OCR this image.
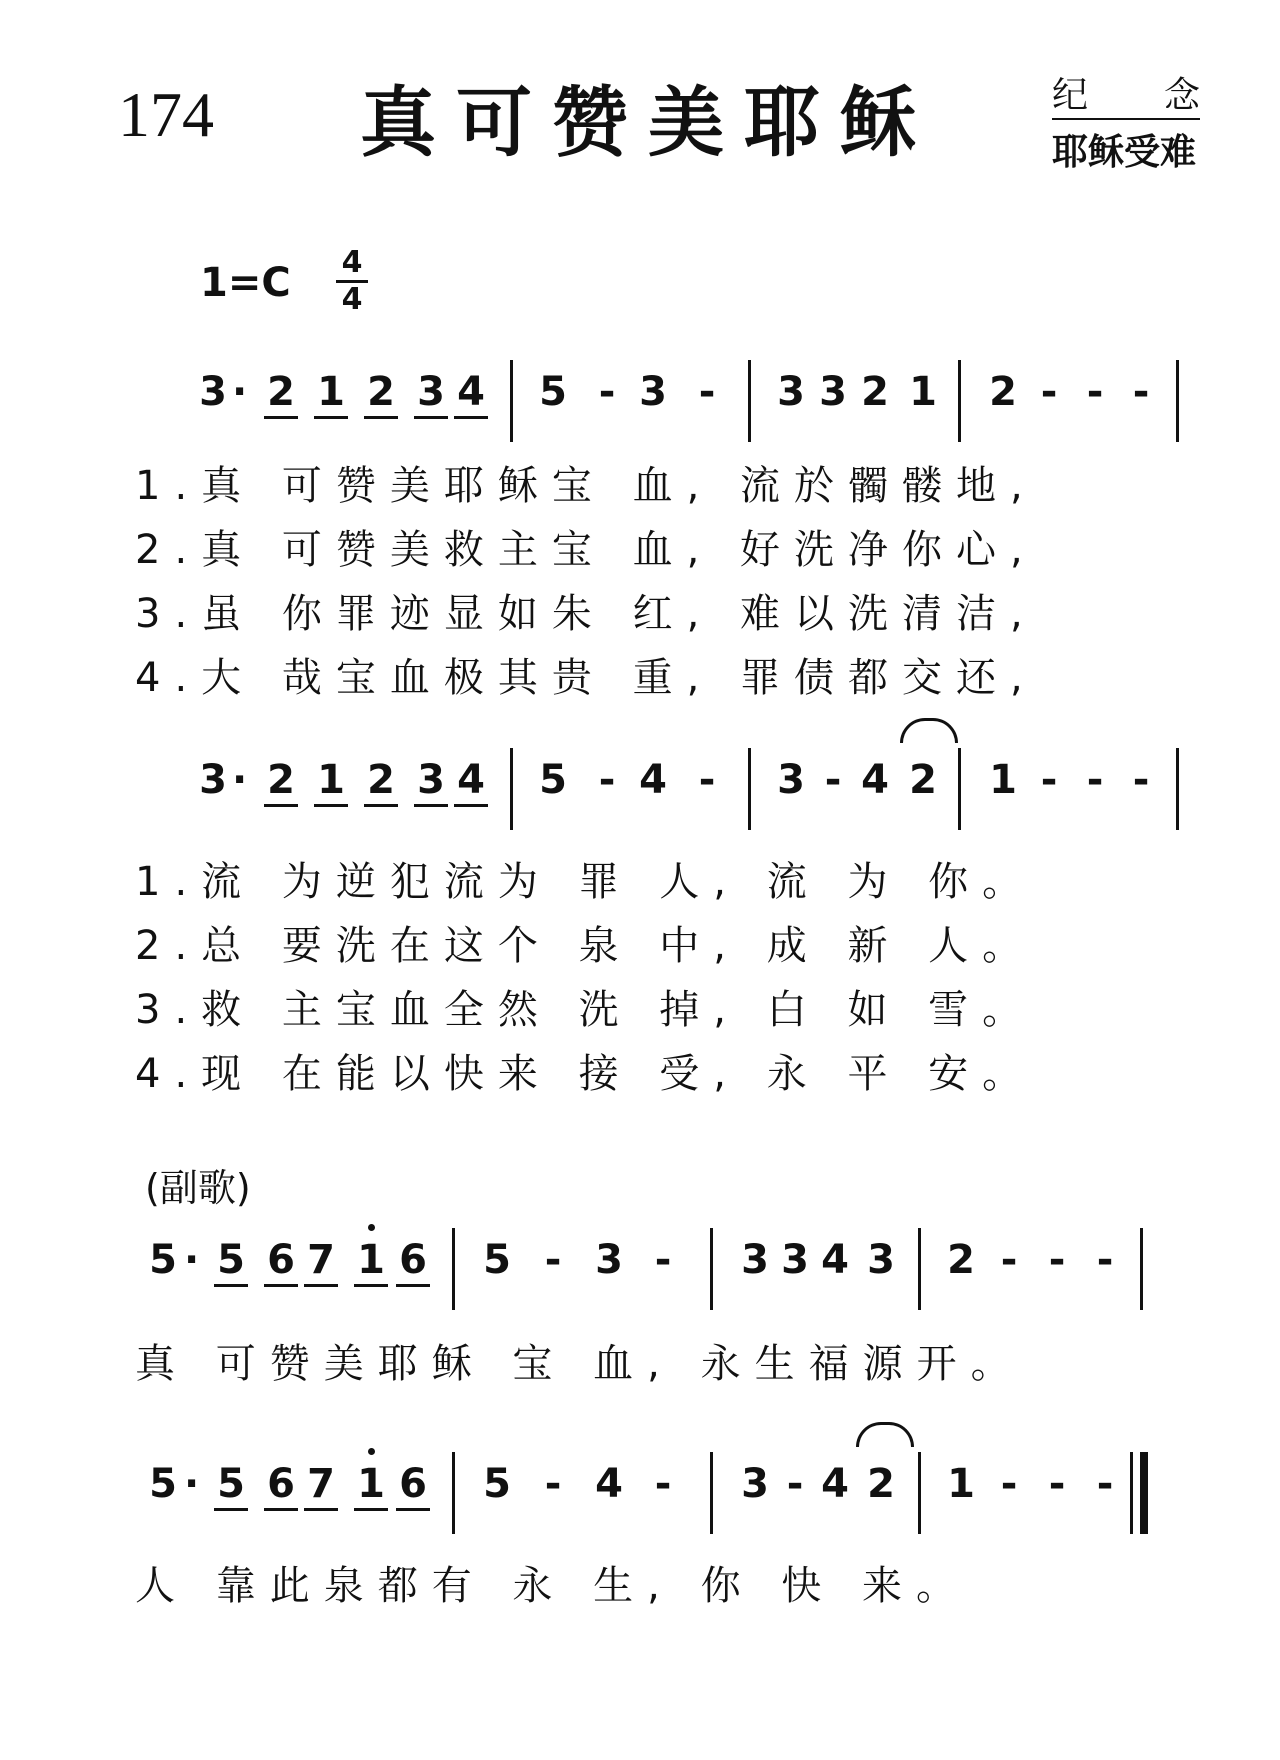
174 真可赞美耶稣	纪念
耶稣受难
1=C 4
4
(副歌)
3 · 2 1 2 3 4 5 - 3 - 3 3 2 1 2 - - -
1.真 可赞美耶稣宝 血, 流於髑髅地,
2.真 可赞美救主宝 血, 好洗净你心,
3.虽 你罪迹显如朱 红, 难以洗清洁,
4.大 哉宝血极其贵 重, 罪债都交还,
3 · 2 1 2 3 4 5 - 4 - 3 - 4 2 1 - - -
1.流 为逆犯流为 罪 人, 流 为 你。
2.总 要洗在这个 泉 中, 成 新 人。
3.救 主宝血全然 洗 掉, 白 如 雪。
4.现 在能以快来 接 受, 永 平 安。
5 · 5 6 7 1 6 5 - 3 - 3 3 4 3 2 - - -
真 可赞美耶稣 宝 血, 永生福源开。
5 · 5 6 7 1 6 5 - 4 - 3 - 4 2 1 - - -
人 靠此泉都有 永 生, 你 快 来。
